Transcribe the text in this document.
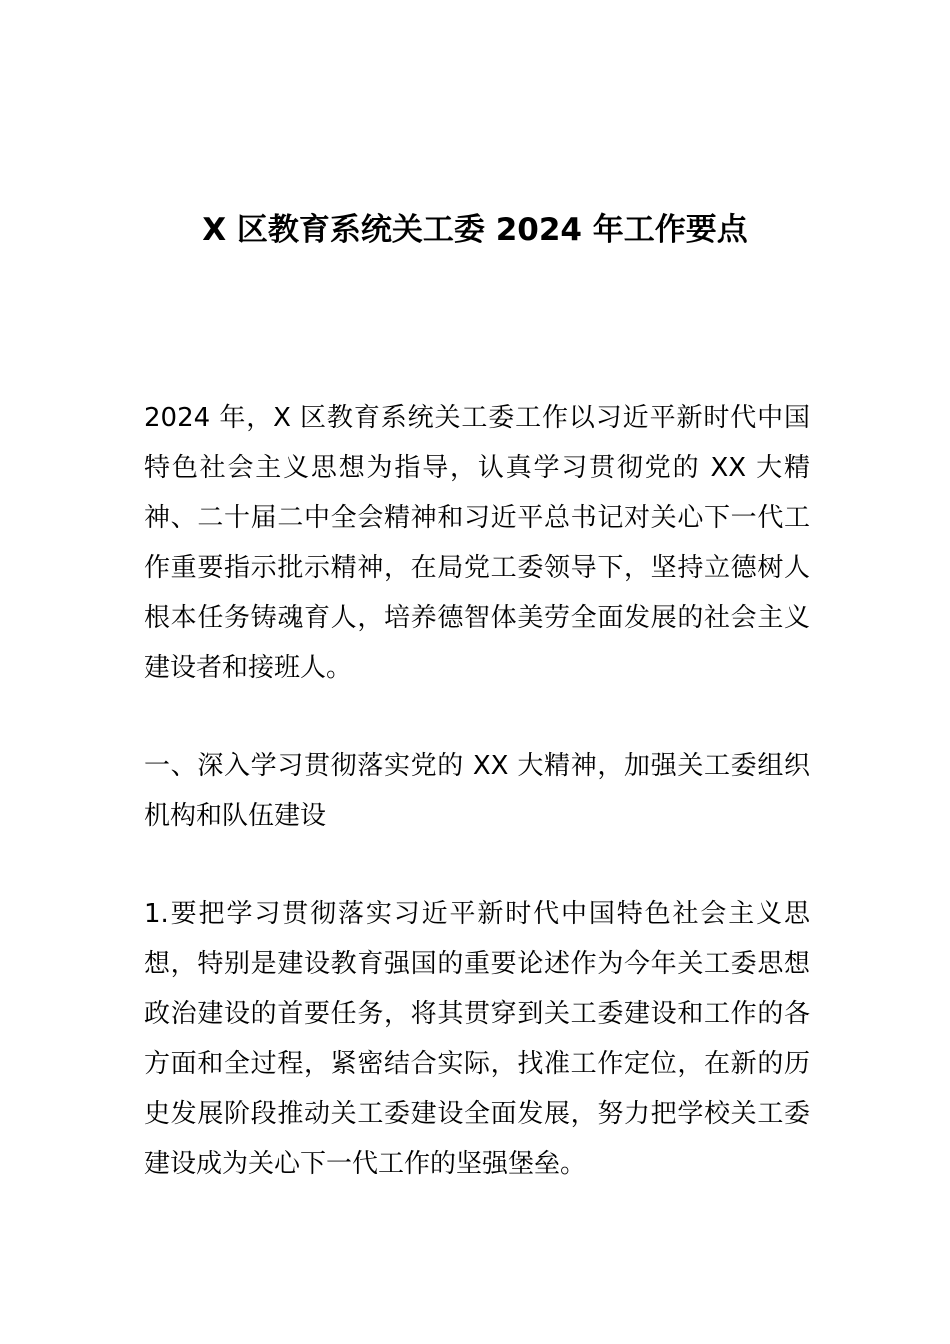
X 区教育系统关工委 2024 年工作要点

2024 年，X 区教育系统关工委工作以习近平新时代中国特色社会主义思想为指导，认真学习贯彻党的 XX 大精神、二十届二中全会精神和习近平总书记对关心下一代工作重要指示批示精神，在局党工委领导下，坚持立德树人根本任务铸魂育人，培养德智体美劳全面发展的社会主义建设者和接班人。

一、深入学习贯彻落实党的 XX 大精神，加强关工委组织机构和队伍建设

1.要把学习贯彻落实习近平新时代中国特色社会主义思想，特别是建设教育强国的重要论述作为今年关工委思想政治建设的首要任务，将其贯穿到关工委建设和工作的各方面和全过程，紧密结合实际，找准工作定位，在新的历史发展阶段推动关工委建设全面发展，努力把学校关工委建设成为关心下一代工作的坚强堡垒。
